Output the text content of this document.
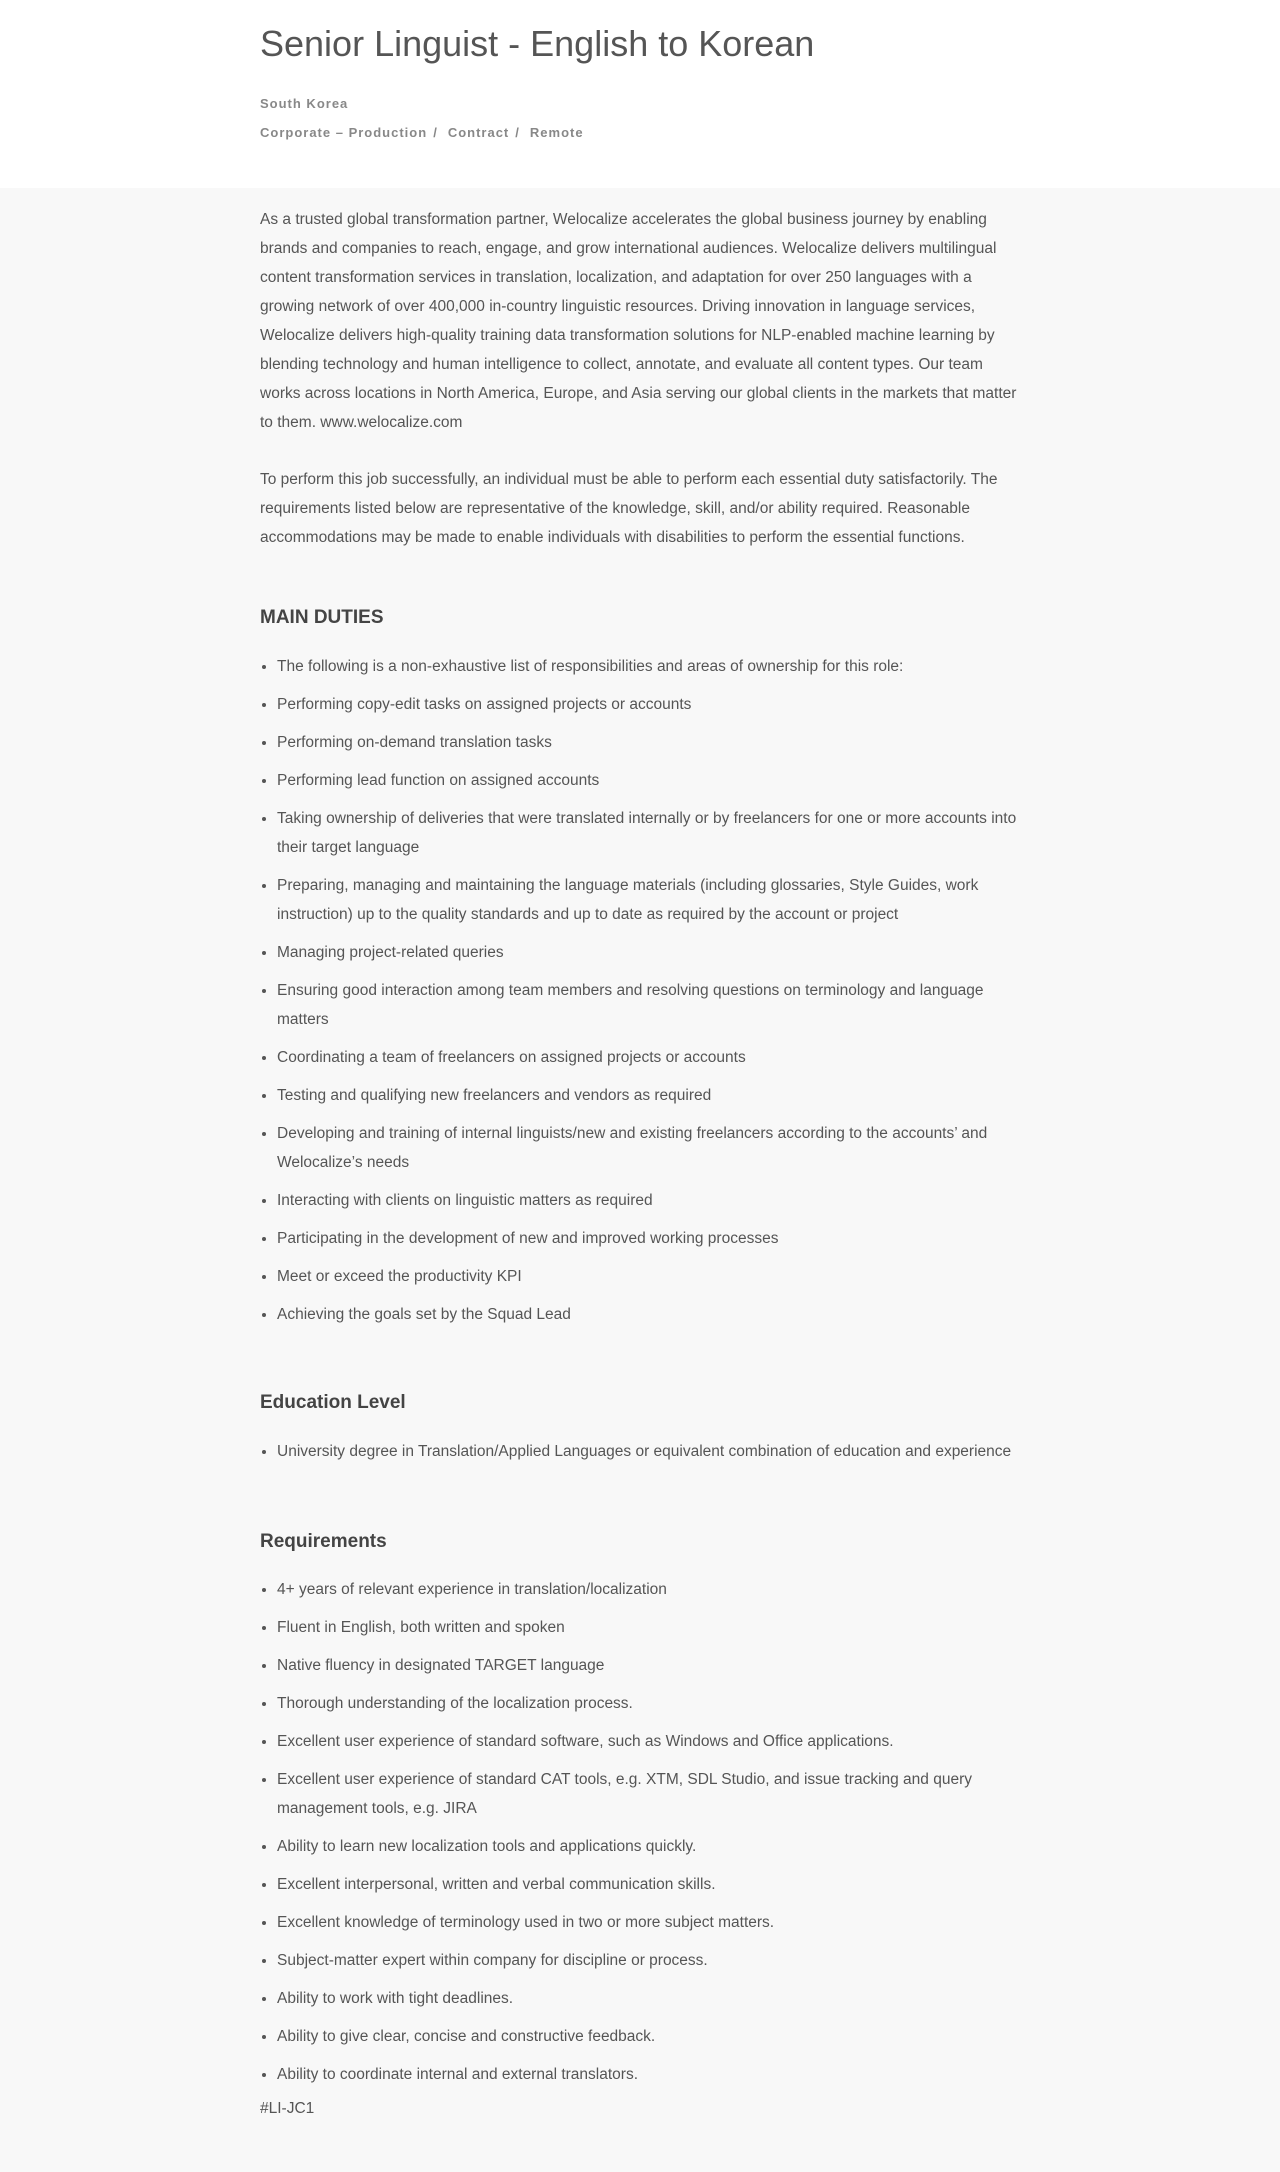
Senior Linguist - English to Korean
South Korea
Corporate – Production / Contract / Remote

As a trusted global transformation partner, Welocalize accelerates the global business journey by enabling brands and companies to reach, engage, and grow international audiences. Welocalize delivers multilingual content transformation services in translation, localization, and adaptation for over 250 languages with a growing network of over 400,000 in-country linguistic resources. Driving innovation in language services, Welocalize delivers high-quality training data transformation solutions for NLP-enabled machine learning by blending technology and human intelligence to collect, annotate, and evaluate all content types. Our team works across locations in North America, Europe, and Asia serving our global clients in the markets that matter to them. www.welocalize.com

To perform this job successfully, an individual must be able to perform each essential duty satisfactorily. The requirements listed below are representative of the knowledge, skill, and/or ability required. Reasonable accommodations may be made to enable individuals with disabilities to perform the essential functions.

MAIN DUTIES
The following is a non-exhaustive list of responsibilities and areas of ownership for this role:
Performing copy-edit tasks on assigned projects or accounts
Performing on-demand translation tasks
Performing lead function on assigned accounts
Taking ownership of deliveries that were translated internally or by freelancers for one or more accounts into their target language
Preparing, managing and maintaining the language materials (including glossaries, Style Guides, work instruction) up to the quality standards and up to date as required by the account or project
Managing project-related queries
Ensuring good interaction among team members and resolving questions on terminology and language matters
Coordinating a team of freelancers on assigned projects or accounts
Testing and qualifying new freelancers and vendors as required
Developing and training of internal linguists/new and existing freelancers according to the accounts’ and Welocalize’s needs
Interacting with clients on linguistic matters as required
Participating in the development of new and improved working processes
Meet or exceed the productivity KPI
Achieving the goals set by the Squad Lead
Education Level
University degree in Translation/Applied Languages or equivalent combination of education and experience
Requirements
4+ years of relevant experience in translation/localization
Fluent in English, both written and spoken
Native fluency in designated TARGET language
Thorough understanding of the localization process.
Excellent user experience of standard software, such as Windows and Office applications.
Excellent user experience of standard CAT tools, e.g. XTM, SDL Studio, and issue tracking and query management tools, e.g. JIRA
Ability to learn new localization tools and applications quickly.
Excellent interpersonal, written and verbal communication skills.
Excellent knowledge of terminology used in two or more subject matters.
Subject-matter expert within company for discipline or process.
Ability to work with tight deadlines.
Ability to give clear, concise and constructive feedback.
Ability to coordinate internal and external translators.
#LI-JC1
